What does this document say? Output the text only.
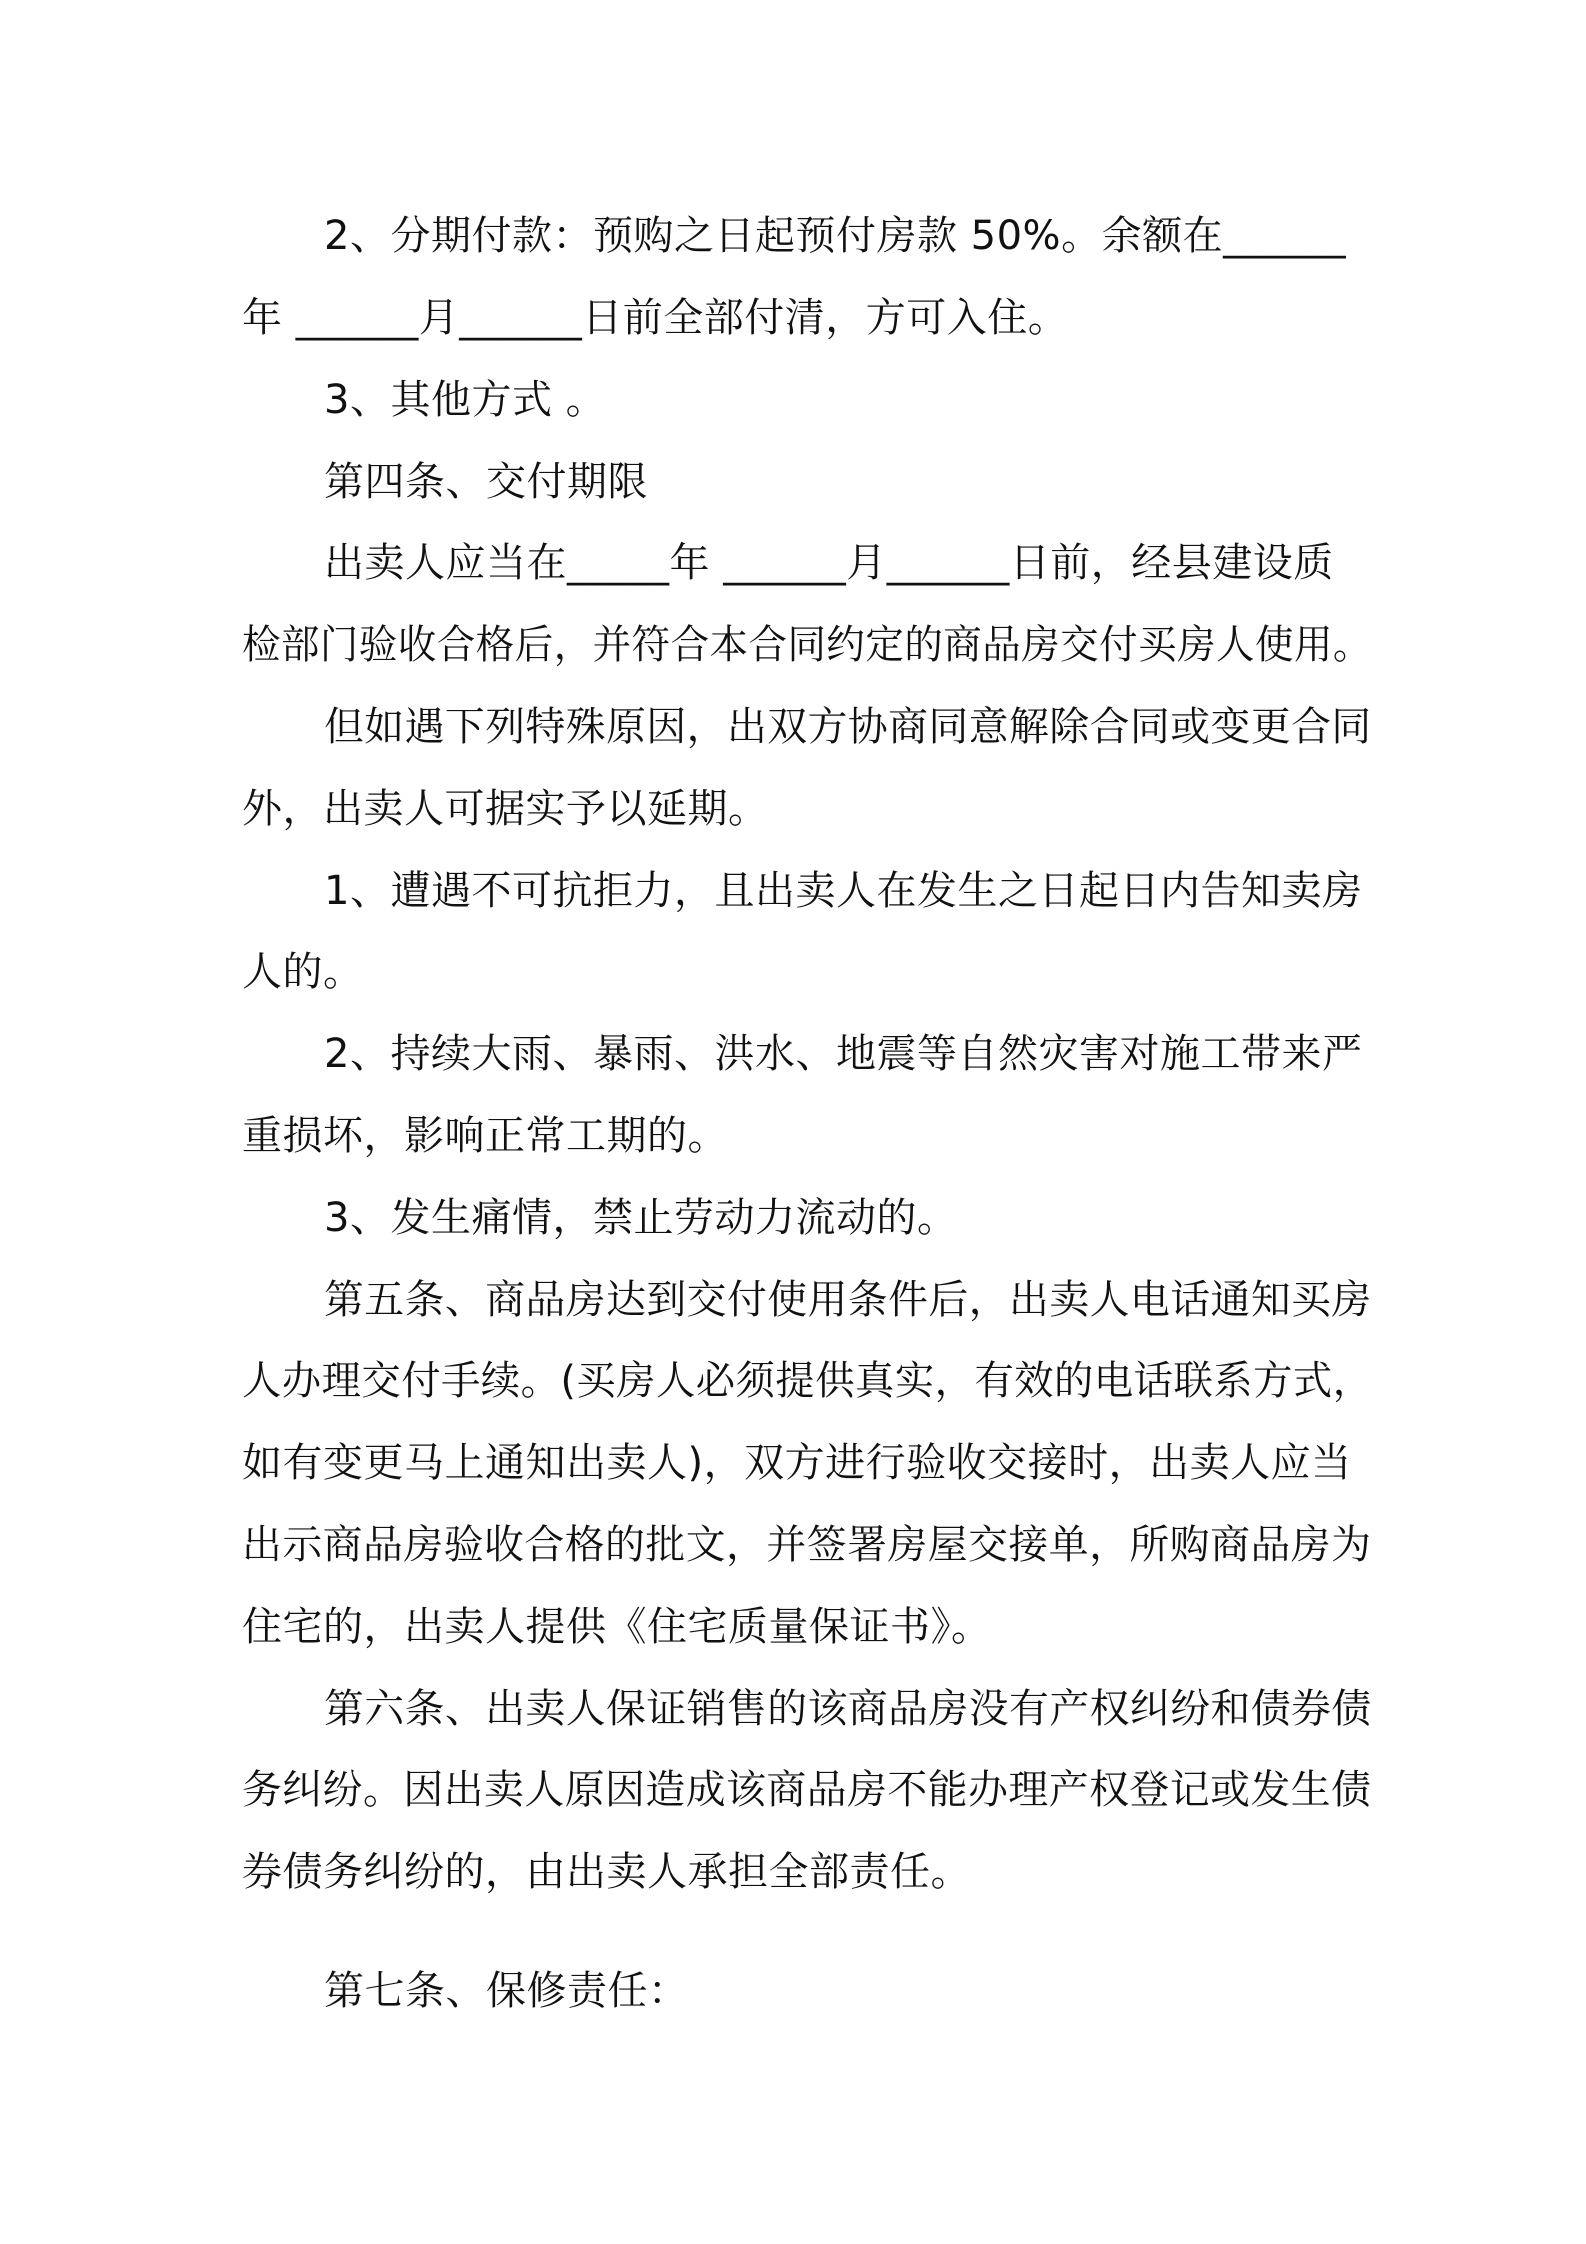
2、分期付款：预购之日起预付房款 50%。余额在______

年 ______月______日前全部付清，方可入住。

3、其他方式 。

第四条、交付期限

出卖人应当在_____年 ______月______日前，经县建设质

检部门验收合格后，并符合本合同约定的商品房交付买房人使用。

但如遇下列特殊原因，出双方协商同意解除合同或变更合同

外，出卖人可据实予以延期。

1、遭遇不可抗拒力，且出卖人在发生之日起日内告知卖房

人的。

2、持续大雨、暴雨、洪水、地震等自然灾害对施工带来严

重损坏，影响正常工期的。

3、发生痛情，禁止劳动力流动的。

第五条、商品房达到交付使用条件后，出卖人电话通知买房

人办理交付手续。(买房人必须提供真实，有效的电话联系方式，

如有变更马上通知出卖人)，双方进行验收交接时，出卖人应当

出示商品房验收合格的批文，并签署房屋交接单，所购商品房为

住宅的，出卖人提供《住宅质量保证书》。

第六条、出卖人保证销售的该商品房没有产权纠纷和债券债

务纠纷。因出卖人原因造成该商品房不能办理产权登记或发生债

券债务纠纷的，由出卖人承担全部责任。

第七条、保修责任：
